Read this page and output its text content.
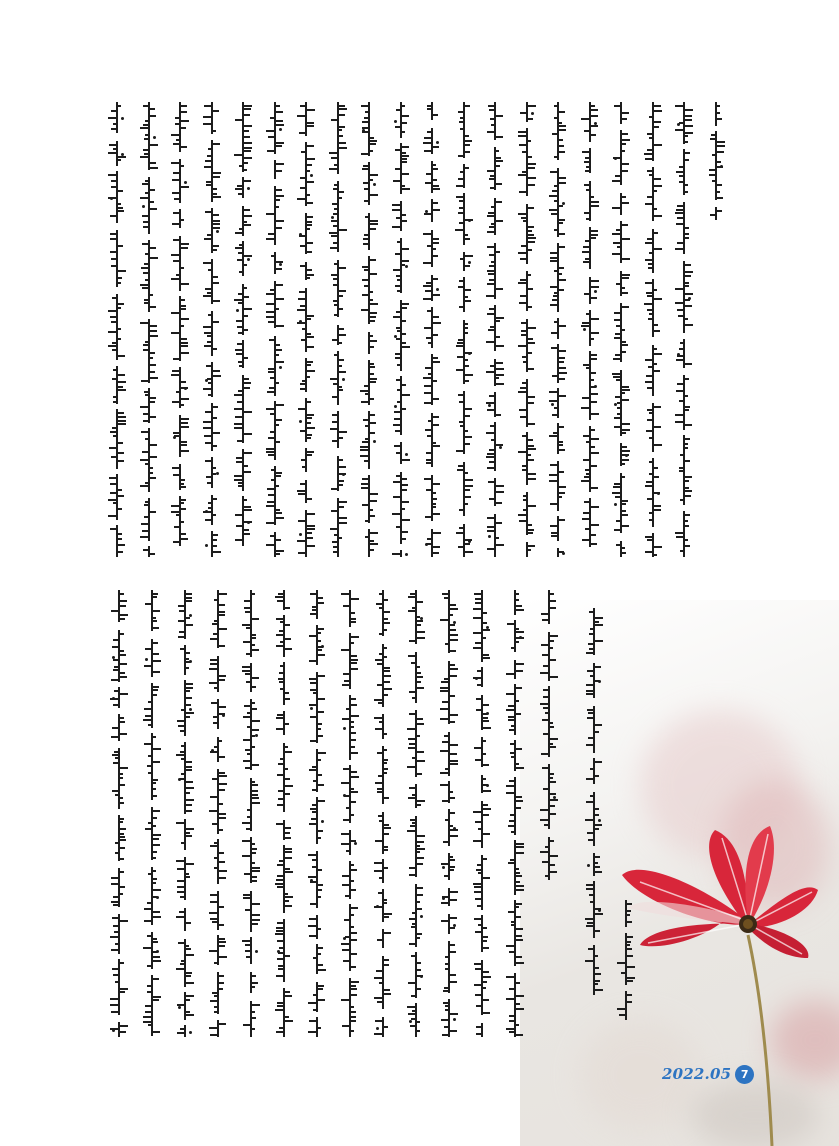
2022.05 7
